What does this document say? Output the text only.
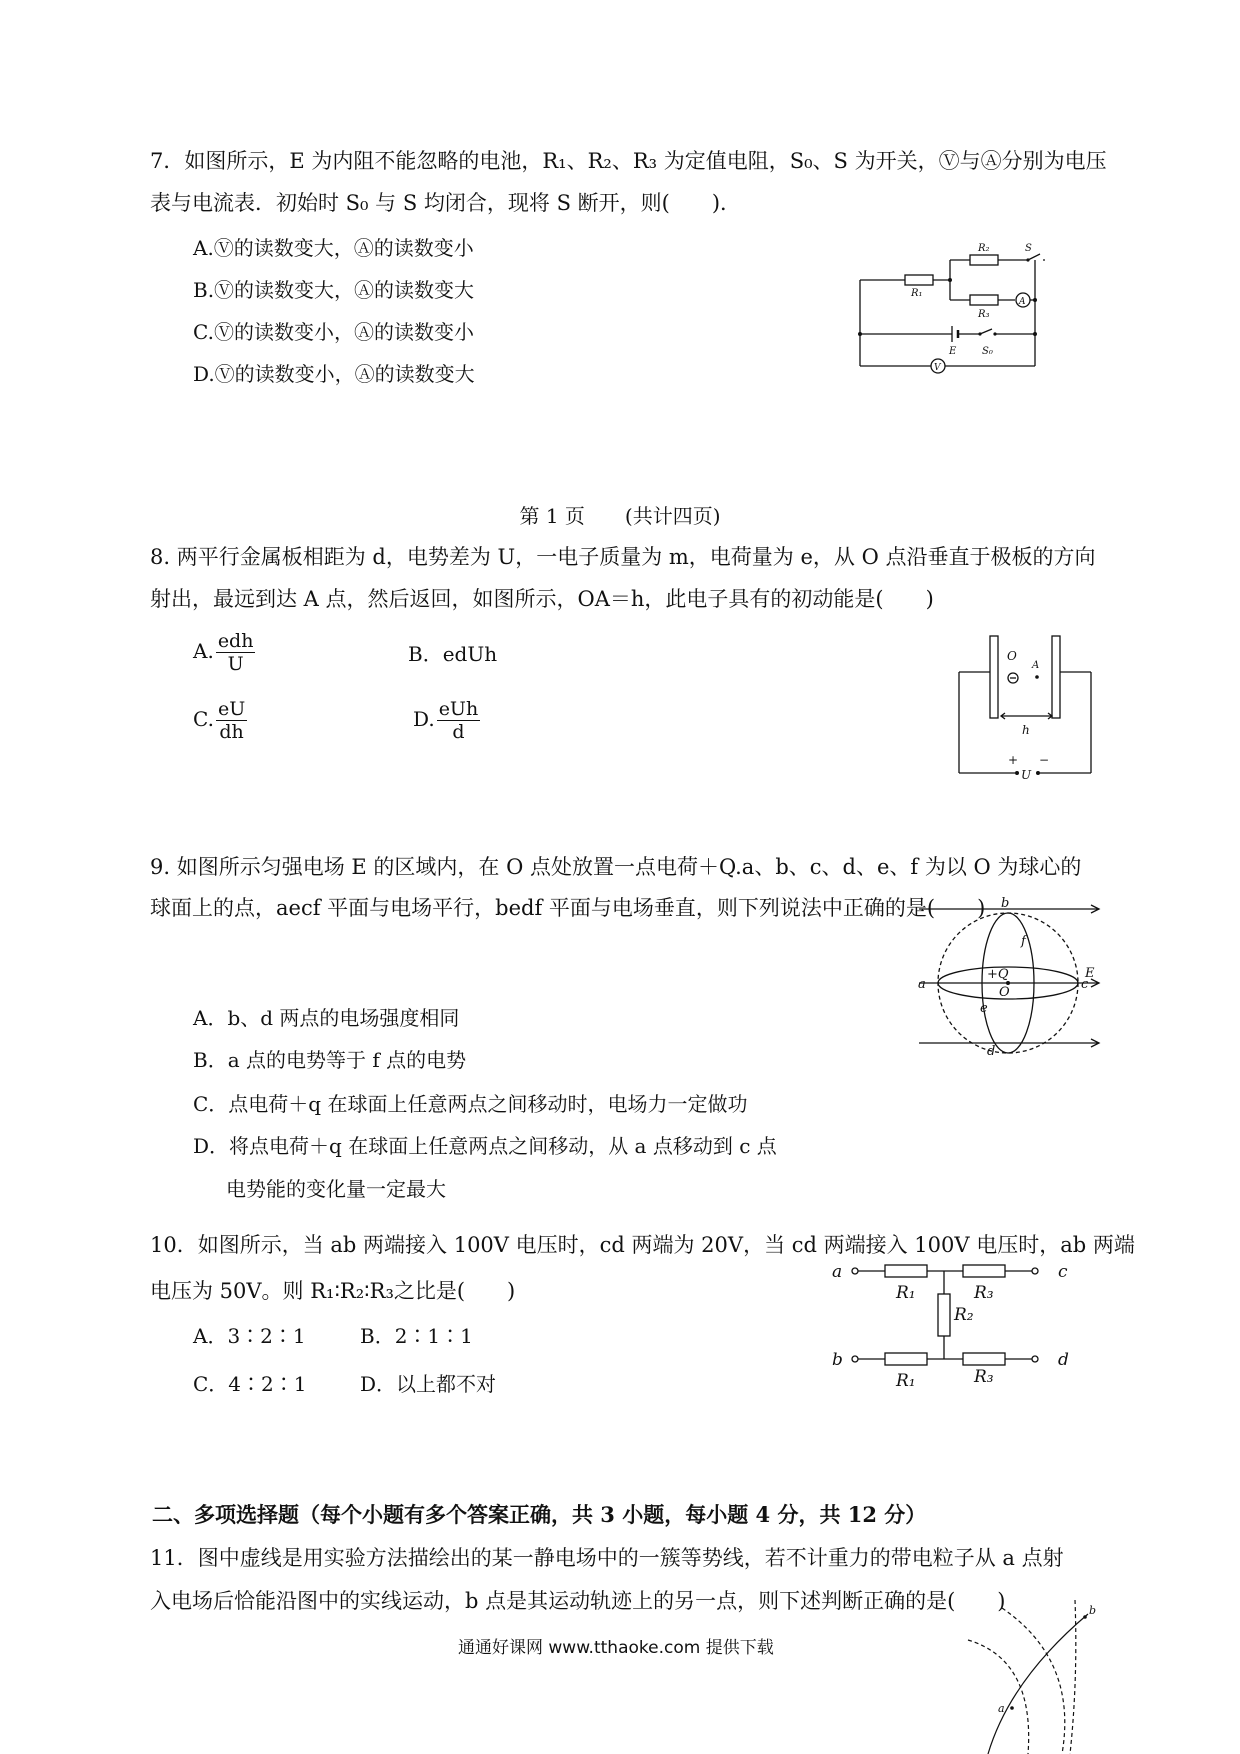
7．如图所示，E 为内阻不能忽略的电池，R₁、R₂、R₃ 为定值电阻，S₀、S 为开关，Ⓥ与Ⓐ分别为电压
表与电流表．初始时 S₀ 与 S 均闭合，现将 S 断开，则(　　)．
A.Ⓥ的读数变大，Ⓐ的读数变小
B.Ⓥ的读数变大，Ⓐ的读数变大
C.Ⓥ的读数变小，Ⓐ的读数变小
D.Ⓥ的读数变小，Ⓐ的读数变大
R₂	S
R₁
R₃
A
E	S₀
V
第 1 页　　(共计四页)
8. 两平行金属板相距为 d，电势差为 U，一电子质量为 m，电荷量为 e，从 O 点沿垂直于极板的方向
射出，最远到达 A 点，然后返回，如图所示，OA＝h，此电子具有的初动能是(　　)
A. $\frac{\text{edh}}{U}$	B．edUh
C. $\frac{eU}{dh}$	D. $\frac{\text{eUh}}{d}$
O
A
h
+ −
U
9. 如图所示匀强电场 E 的区域内，在 O 点处放置一点电荷＋Q.a、b、c、d、e、f 为以 O 为球心的
球面上的点，aecf 平面与电场平行，bedf 平面与电场垂直，则下列说法中正确的是(　　)
A．b、d 两点的电场强度相同
B．a 点的电势等于 f 点的电势
C．点电荷＋q 在球面上任意两点之间移动时，电场力一定做功
D．将点电荷＋q 在球面上任意两点之间移动，从 a 点移动到 c 点
电势能的变化量一定最大
b
f
+Q	E
a
O
c
e
d
10．如图所示，当 ab 两端接入 100V 电压时，cd 两端为 20V，当 cd 两端接入 100V 电压时，ab 两端
电压为 50V。则 R₁∶R₂∶R₃之比是(　　)
A．3∶2∶1	B．2∶1∶1
C．4∶2∶1	D．以上都不对
a	c
b	d
R₁	R₃
R₂
R₁	R₃
二、多项选择题（每个小题有多个答案正确，共 3 小题，每小题 4 分，共 12 分）
11．图中虚线是用实验方法描绘出的某一静电场中的一簇等势线，若不计重力的带电粒子从 a 点射
入电场后恰能沿图中的实线运动，b 点是其运动轨迹上的另一点，则下述判断正确的是(　　)
a
b
通通好课网 www.tthaoke.com 提供下载
